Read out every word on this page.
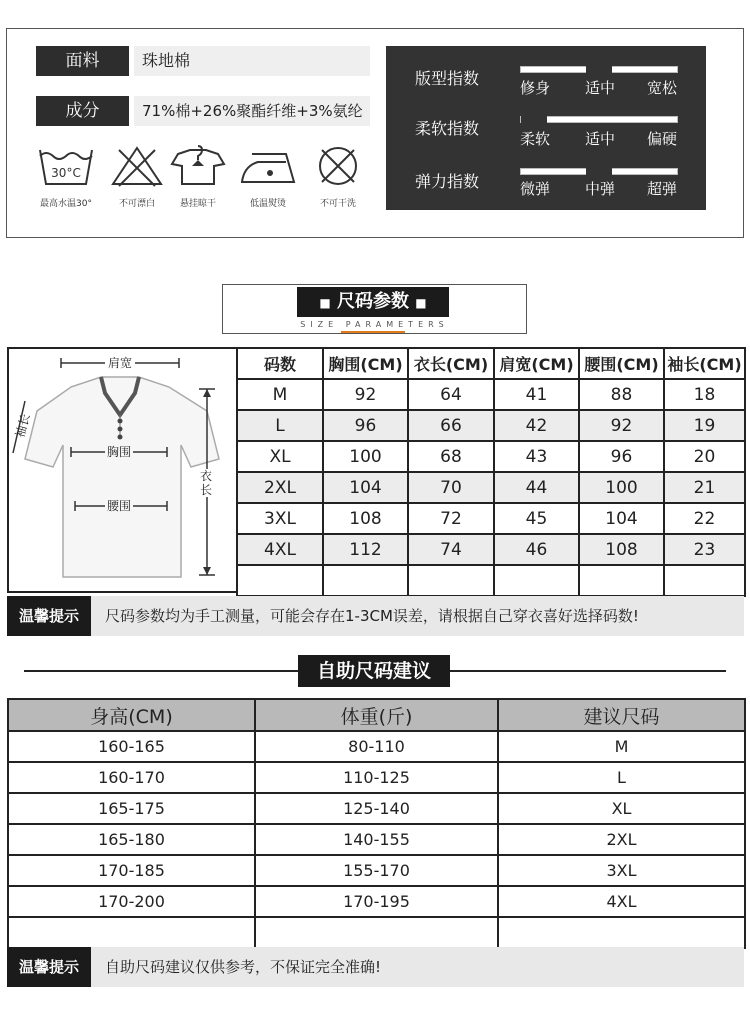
面料	珠地棉
成分	71%棉+26%聚酯纤维+3%氨纶
30°C
最高水温30°	不可漂白	悬挂晾干	低温熨烫	不可干洗
版型指数	修身 适中 宽松
柔软指数
柔软 适中 偏硬
弹力指数	微弹 中弹 超弹
■ 尺码参数 ■
SIZE PARAMETERS
肩宽
袖长
胸围
腰围
衣长
码数	胸围(CM)	衣长(CM)	肩宽(CM)	腰围(CM)	袖长(CM)
M	92	64	41	88	18
L	96	66	42	92	19
XL	100	68	43	96	20
2XL	104	70	44	100	21
3XL	108	72	45	104	22
4XL	112	74	46	108	23

温馨提示	尺码参数均为手工测量，可能会存在1-3CM误差，请根据自己穿衣喜好选择码数!
自助尺码建议
身高(CM)	体重(斤)	建议尺码
160-165	80-110	M
160-170	110-125	L
165-175	125-140	XL
165-180	140-155	2XL
170-185	155-170	3XL
170-200	170-195	4XL

温馨提示	自助尺码建议仅供参考，不保证完全准确!
